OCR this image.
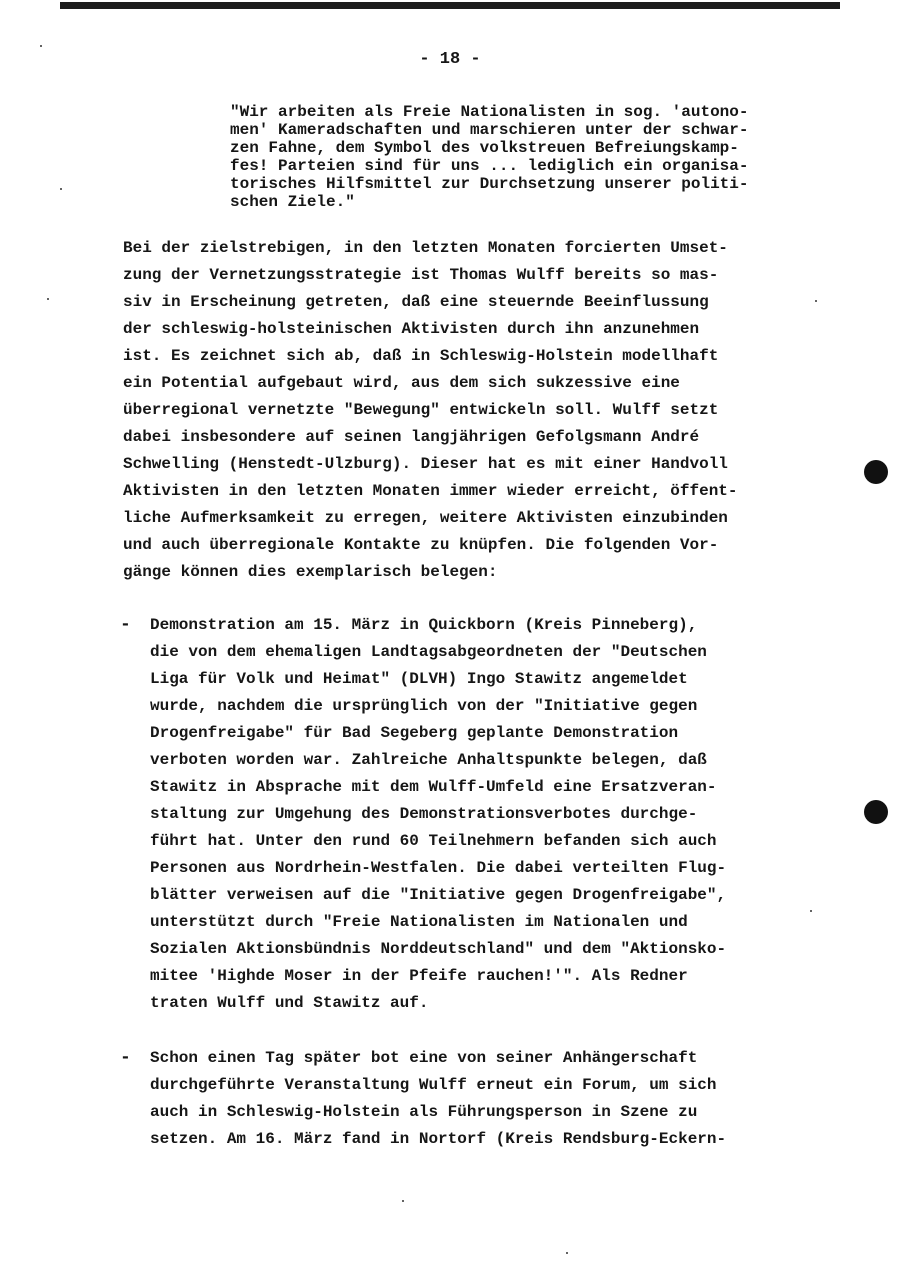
- 18 -
"Wir arbeiten als Freie Nationalisten in sog. 'autono-
men' Kameradschaften und marschieren unter der schwar-
zen Fahne, dem Symbol des volkstreuen Befreiungskamp-
fes! Parteien sind für uns ... lediglich ein organisa-
torisches Hilfsmittel zur Durchsetzung unserer politi-
schen Ziele."
Bei der zielstrebigen, in den letzten Monaten forcierten Umset-
zung der Vernetzungsstrategie ist Thomas Wulff bereits so mas-
siv in Erscheinung getreten, daß eine steuernde Beeinflussung
der schleswig-holsteinischen Aktivisten durch ihn anzunehmen
ist. Es zeichnet sich ab, daß in Schleswig-Holstein modellhaft
ein Potential aufgebaut wird, aus dem sich sukzessive eine
überregional vernetzte "Bewegung" entwickeln soll. Wulff setzt
dabei insbesondere auf seinen langjährigen Gefolgsmann André
Schwelling (Henstedt-Ulzburg). Dieser hat es mit einer Handvoll
Aktivisten in den letzten Monaten immer wieder erreicht, öffent-
liche Aufmerksamkeit zu erregen, weitere Aktivisten einzubinden
und auch überregionale Kontakte zu knüpfen. Die folgenden Vor-
gänge können dies exemplarisch belegen:
- Demonstration am 15. März in Quickborn (Kreis Pinneberg),
die von dem ehemaligen Landtagsabgeordneten der "Deutschen
Liga für Volk und Heimat" (DLVH) Ingo Stawitz angemeldet
wurde, nachdem die ursprünglich von der "Initiative gegen
Drogenfreigabe" für Bad Segeberg geplante Demonstration
verboten worden war. Zahlreiche Anhaltspunkte belegen, daß
Stawitz in Absprache mit dem Wulff-Umfeld eine Ersatzveran-
staltung zur Umgehung des Demonstrationsverbotes durchge-
führt hat. Unter den rund 60 Teilnehmern befanden sich auch
Personen aus Nordrhein-Westfalen. Die dabei verteilten Flug-
blätter verweisen auf die "Initiative gegen Drogenfreigabe",
unterstützt durch "Freie Nationalisten im Nationalen und
Sozialen Aktionsbündnis Norddeutschland" und dem "Aktionsko-
mitee 'Highde Moser in der Pfeife rauchen!'". Als Redner
traten Wulff und Stawitz auf.
- Schon einen Tag später bot eine von seiner Anhängerschaft
durchgeführte Veranstaltung Wulff erneut ein Forum, um sich
auch in Schleswig-Holstein als Führungsperson in Szene zu
setzen. Am 16. März fand in Nortorf (Kreis Rendsburg-Eckern-
